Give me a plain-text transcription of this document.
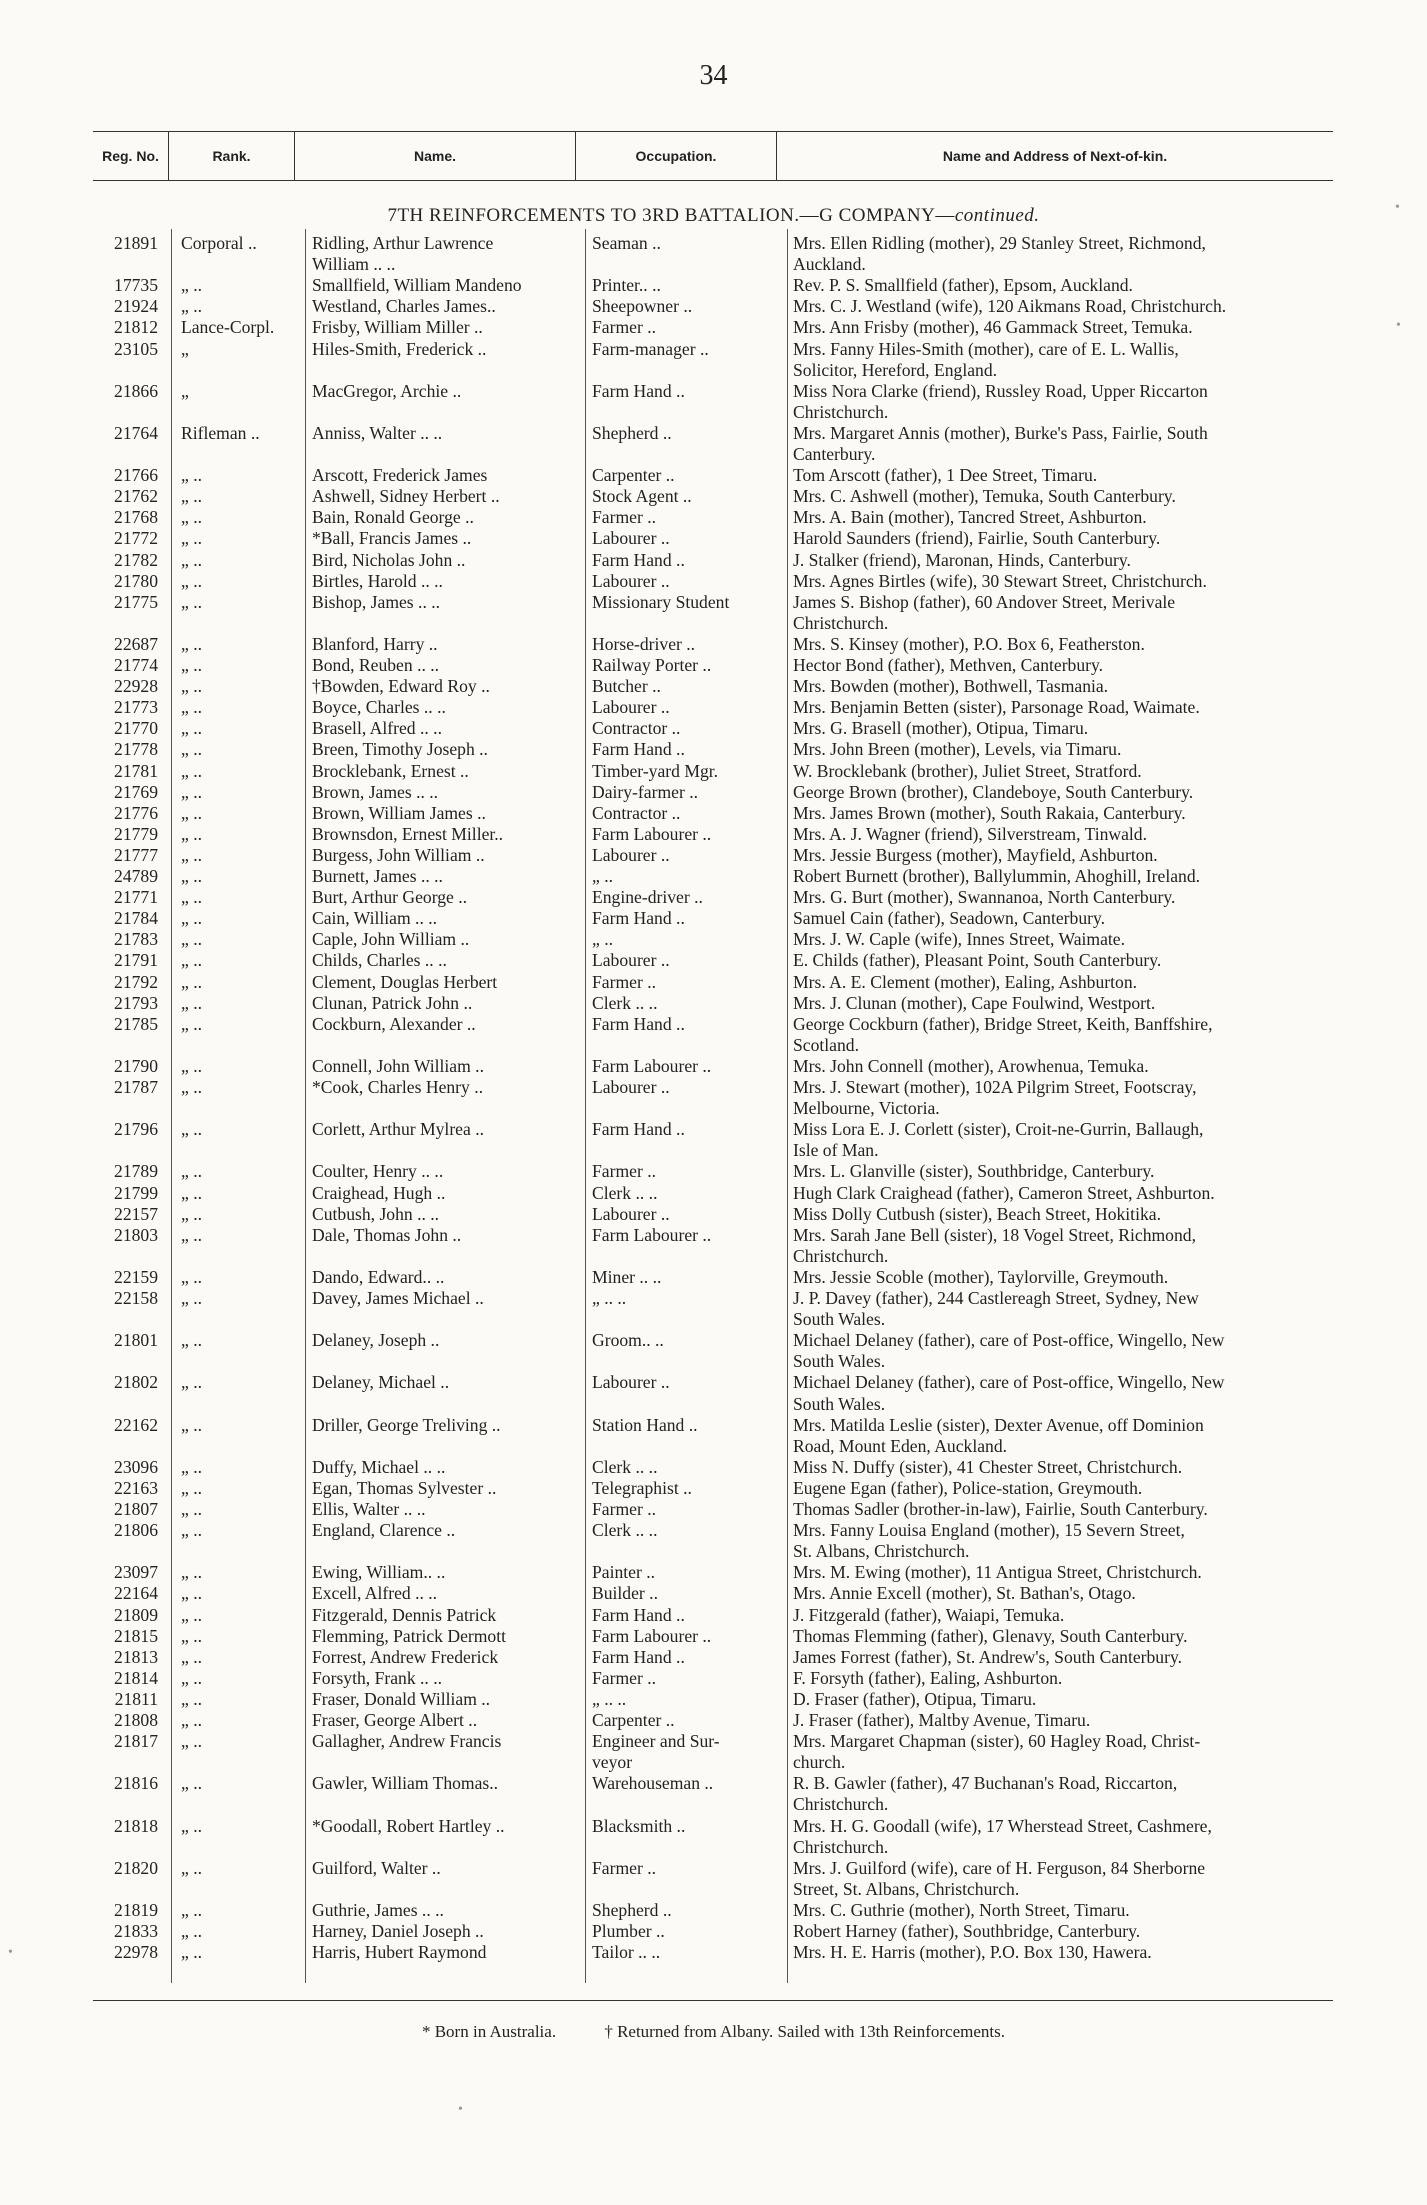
34
Reg. No.	Rank.	Name.	Occupation.	Name and Address of Next-of-kin.
7TH REINFORCEMENTS TO 3RD BATTALION.—G COMPANY—continued.
21891 Corporal ..	Ridling, Arthur Lawrence	Seaman ..	Mrs. Ellen Ridling (mother), 29 Stanley Street, Richmond,
William .. ..	Auckland.
17735 „ ..	Smallfield, William Mandeno	Printer.. ..	Rev. P. S. Smallfield (father), Epsom, Auckland.
21924 „ ..	Westland, Charles James..	Sheepowner ..	Mrs. C. J. Westland (wife), 120 Aikmans Road, Christchurch.
21812 Lance-Corpl.	Frisby, William Miller ..	Farmer ..	Mrs. Ann Frisby (mother), 46 Gammack Street, Temuka.
23105 „	Hiles-Smith, Frederick ..	Farm-manager ..	Mrs. Fanny Hiles-Smith (mother), care of E. L. Wallis,
Solicitor, Hereford, England.
21866 „	MacGregor, Archie ..	Farm Hand ..	Miss Nora Clarke (friend), Russley Road, Upper Riccarton
Christchurch.
21764 Rifleman ..	Anniss, Walter .. ..	Shepherd ..	Mrs. Margaret Annis (mother), Burke's Pass, Fairlie, South
Canterbury.
21766 „ ..	Arscott, Frederick James	Carpenter ..	Tom Arscott (father), 1 Dee Street, Timaru.
21762 „ ..	Ashwell, Sidney Herbert ..	Stock Agent ..	Mrs. C. Ashwell (mother), Temuka, South Canterbury.
21768 „ ..	Bain, Ronald George ..	Farmer ..	Mrs. A. Bain (mother), Tancred Street, Ashburton.
21772 „ ..	*Ball, Francis James ..	Labourer ..	Harold Saunders (friend), Fairlie, South Canterbury.
21782 „ ..	Bird, Nicholas John ..	Farm Hand ..	J. Stalker (friend), Maronan, Hinds, Canterbury.
21780 „ ..	Birtles, Harold .. ..	Labourer ..	Mrs. Agnes Birtles (wife), 30 Stewart Street, Christchurch.
21775 „ ..	Bishop, James .. ..	Missionary Student	James S. Bishop (father), 60 Andover Street, Merivale
Christchurch.
22687 „ ..	Blanford, Harry ..	Horse-driver ..	Mrs. S. Kinsey (mother), P.O. Box 6, Featherston.
21774 „ ..	Bond, Reuben .. ..	Railway Porter ..	Hector Bond (father), Methven, Canterbury.
22928 „ ..	†Bowden, Edward Roy ..	Butcher ..	Mrs. Bowden (mother), Bothwell, Tasmania.
21773 „ ..	Boyce, Charles .. ..	Labourer ..	Mrs. Benjamin Betten (sister), Parsonage Road, Waimate.
21770 „ ..	Brasell, Alfred .. ..	Contractor ..	Mrs. G. Brasell (mother), Otipua, Timaru.
21778 „ ..	Breen, Timothy Joseph ..	Farm Hand ..	Mrs. John Breen (mother), Levels, via Timaru.
21781 „ ..	Brocklebank, Ernest ..	Timber-yard Mgr.	W. Brocklebank (brother), Juliet Street, Stratford.
21769 „ ..	Brown, James .. ..	Dairy-farmer ..	George Brown (brother), Clandeboye, South Canterbury.
21776 „ ..	Brown, William James ..	Contractor ..	Mrs. James Brown (mother), South Rakaia, Canterbury.
21779 „ ..	Brownsdon, Ernest Miller..	Farm Labourer ..	Mrs. A. J. Wagner (friend), Silverstream, Tinwald.
21777 „ ..	Burgess, John William ..	Labourer ..	Mrs. Jessie Burgess (mother), Mayfield, Ashburton.
24789 „ ..	Burnett, James .. ..	„ ..	Robert Burnett (brother), Ballylummin, Ahoghill, Ireland.
21771 „ ..	Burt, Arthur George ..	Engine-driver ..	Mrs. G. Burt (mother), Swannanoa, North Canterbury.
21784 „ ..	Cain, William .. ..	Farm Hand ..	Samuel Cain (father), Seadown, Canterbury.
21783 „ ..	Caple, John William ..	„ ..	Mrs. J. W. Caple (wife), Innes Street, Waimate.
21791 „ ..	Childs, Charles .. ..	Labourer ..	E. Childs (father), Pleasant Point, South Canterbury.
21792 „ ..	Clement, Douglas Herbert	Farmer ..	Mrs. A. E. Clement (mother), Ealing, Ashburton.
21793 „ ..	Clunan, Patrick John ..	Clerk .. ..	Mrs. J. Clunan (mother), Cape Foulwind, Westport.
21785 „ ..	Cockburn, Alexander ..	Farm Hand ..	George Cockburn (father), Bridge Street, Keith, Banffshire,
Scotland.
21790 „ ..	Connell, John William ..	Farm Labourer ..	Mrs. John Connell (mother), Arowhenua, Temuka.
21787 „ ..	*Cook, Charles Henry ..	Labourer ..	Mrs. J. Stewart (mother), 102A Pilgrim Street, Footscray,
Melbourne, Victoria.
21796 „ ..	Corlett, Arthur Mylrea ..	Farm Hand ..	Miss Lora E. J. Corlett (sister), Croit-ne-Gurrin, Ballaugh,
Isle of Man.
21789 „ ..	Coulter, Henry .. ..	Farmer ..	Mrs. L. Glanville (sister), Southbridge, Canterbury.
21799 „ ..	Craighead, Hugh ..	Clerk .. ..	Hugh Clark Craighead (father), Cameron Street, Ashburton.
22157 „ ..	Cutbush, John .. ..	Labourer ..	Miss Dolly Cutbush (sister), Beach Street, Hokitika.
21803 „ ..	Dale, Thomas John ..	Farm Labourer ..	Mrs. Sarah Jane Bell (sister), 18 Vogel Street, Richmond,
Christchurch.
22159 „ ..	Dando, Edward.. ..	Miner .. ..	Mrs. Jessie Scoble (mother), Taylorville, Greymouth.
22158 „ ..	Davey, James Michael ..	„ .. ..	J. P. Davey (father), 244 Castlereagh Street, Sydney, New
South Wales.
21801 „ ..	Delaney, Joseph ..	Groom.. ..	Michael Delaney (father), care of Post-office, Wingello, New
South Wales.
21802 „ ..	Delaney, Michael ..	Labourer ..	Michael Delaney (father), care of Post-office, Wingello, New
South Wales.
22162 „ ..	Driller, George Treliving ..	Station Hand ..	Mrs. Matilda Leslie (sister), Dexter Avenue, off Dominion
Road, Mount Eden, Auckland.
23096 „ ..	Duffy, Michael .. ..	Clerk .. ..	Miss N. Duffy (sister), 41 Chester Street, Christchurch.
22163 „ ..	Egan, Thomas Sylvester ..	Telegraphist ..	Eugene Egan (father), Police-station, Greymouth.
21807 „ ..	Ellis, Walter .. ..	Farmer ..	Thomas Sadler (brother-in-law), Fairlie, South Canterbury.
21806 „ ..	England, Clarence ..	Clerk .. ..	Mrs. Fanny Louisa England (mother), 15 Severn Street,
St. Albans, Christchurch.
23097 „ ..	Ewing, William.. ..	Painter ..	Mrs. M. Ewing (mother), 11 Antigua Street, Christchurch.
22164 „ ..	Excell, Alfred .. ..	Builder ..	Mrs. Annie Excell (mother), St. Bathan's, Otago.
21809 „ ..	Fitzgerald, Dennis Patrick	Farm Hand ..	J. Fitzgerald (father), Waiapi, Temuka.
21815 „ ..	Flemming, Patrick Dermott	Farm Labourer ..	Thomas Flemming (father), Glenavy, South Canterbury.
21813 „ ..	Forrest, Andrew Frederick	Farm Hand ..	James Forrest (father), St. Andrew's, South Canterbury.
21814 „ ..	Forsyth, Frank .. ..	Farmer ..	F. Forsyth (father), Ealing, Ashburton.
21811 „ ..	Fraser, Donald William ..	„ .. ..	D. Fraser (father), Otipua, Timaru.
21808 „ ..	Fraser, George Albert ..	Carpenter ..	J. Fraser (father), Maltby Avenue, Timaru.
21817 „ ..	Gallagher, Andrew Francis	Engineer and Sur-	Mrs. Margaret Chapman (sister), 60 Hagley Road, Christ-
veyor	church.
21816 „ ..	Gawler, William Thomas..	Warehouseman ..	R. B. Gawler (father), 47 Buchanan's Road, Riccarton,
Christchurch.
21818 „ ..	*Goodall, Robert Hartley ..	Blacksmith ..	Mrs. H. G. Goodall (wife), 17 Wherstead Street, Cashmere,
Christchurch.
21820 „ ..	Guilford, Walter ..	Farmer ..	Mrs. J. Guilford (wife), care of H. Ferguson, 84 Sherborne
Street, St. Albans, Christchurch.
21819 „ ..	Guthrie, James .. ..	Shepherd ..	Mrs. C. Guthrie (mother), North Street, Timaru.
21833 „ ..	Harney, Daniel Joseph ..	Plumber ..	Robert Harney (father), Southbridge, Canterbury.
22978 „ ..	Harris, Hubert Raymond	Tailor .. ..	Mrs. H. E. Harris (mother), P.O. Box 130, Hawera.
* Born in Australia.	† Returned from Albany. Sailed with 13th Reinforcements.
•
•
•
•
